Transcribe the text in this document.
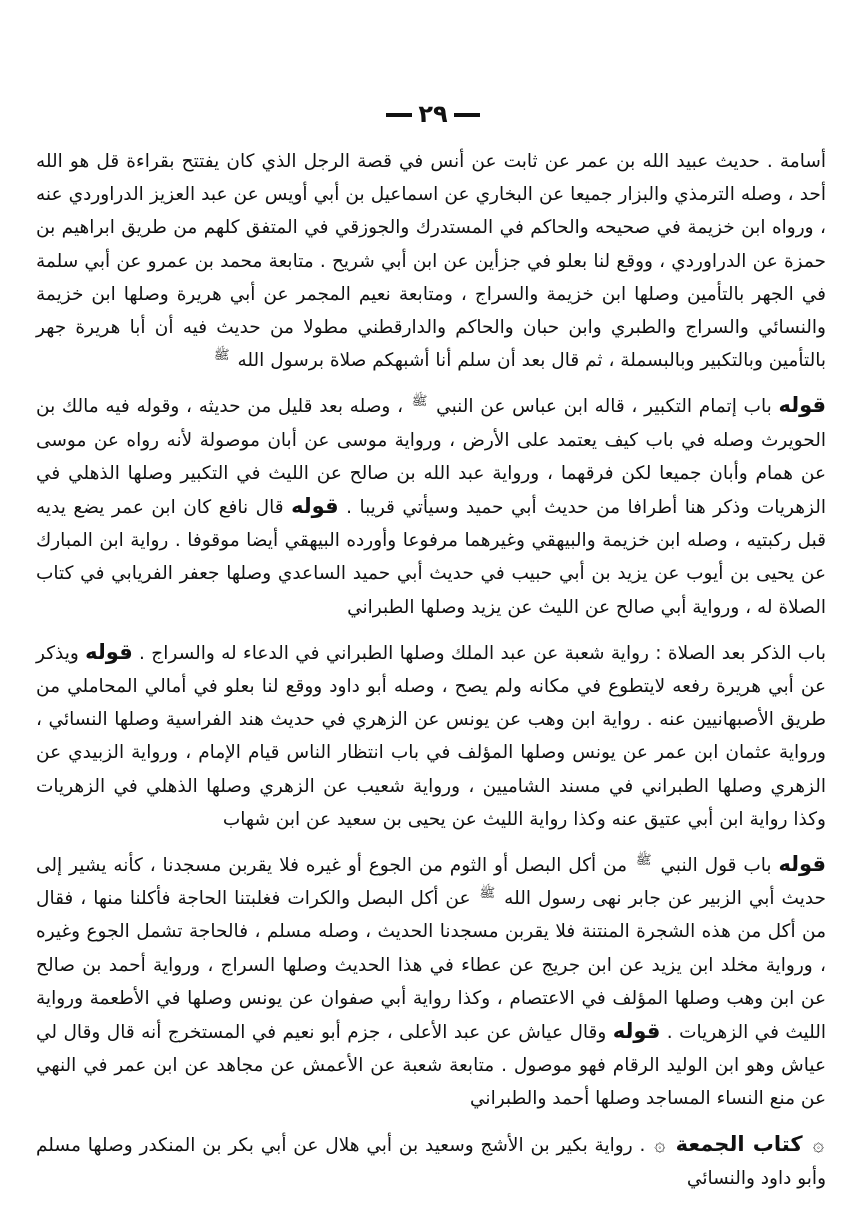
٢٩

أسامة . حديث عبيد الله بن عمر عن ثابت عن أنس في قصة الرجل الذي كان يفتتح بقراءة قل هو الله أحد ، وصله الترمذي والبزار جميعا عن البخاري عن اسماعيل بن أبي أويس عن عبد العزيز الدراوردي عنه ، ورواه ابن خزيمة في صحيحه والحاكم في المستدرك والجوزقي في المتفق كلهم من طريق ابراهيم بن حمزة عن الدراوردي ، ووقع لنا بعلو في جزأين عن ابن أبي شريح . متابعة محمد بن عمرو عن أبي سلمة في الجهر بالتأمين وصلها ابن خزيمة والسراج ، ومتابعة نعيم المجمر عن أبي هريرة وصلها ابن خزيمة والنسائي والسراج والطبري وابن حبان والحاكم والدارقطني مطولا من حديث فيه أن أبا هريرة جهر بالتأمين وبالتكبير وبالبسملة ، ثم قال بعد أن سلم أنا أشبهكم صلاة برسول الله ﷺ

قوله باب إتمام التكبير ، قاله ابن عباس عن النبي ﷺ ، وصله بعد قليل من حديثه ، وقوله فيه مالك بن الحويرث وصله في باب كيف يعتمد على الأرض ، ورواية موسى عن أبان موصولة لأنه رواه عن موسى عن همام وأبان جميعا لكن فرقهما ، ورواية عبد الله بن صالح عن الليث في التكبير وصلها الذهلي في الزهريات وذكر هنا أطرافا من حديث أبي حميد وسيأتي قريبا . قوله قال نافع كان ابن عمر يضع يديه قبل ركبتيه ، وصله ابن خزيمة والبيهقي وغيرهما مرفوعا وأورده البيهقي أيضا موقوفا . رواية ابن المبارك عن يحيى بن أيوب عن يزيد بن أبي حبيب في حديث أبي حميد الساعدي وصلها جعفر الفريابي في كتاب الصلاة له ، ورواية أبي صالح عن الليث عن يزيد وصلها الطبراني

باب الذكر بعد الصلاة : رواية شعبة عن عبد الملك وصلها الطبراني في الدعاء له والسراج . قوله ويذكر عن أبي هريرة رفعه لايتطوع في مكانه ولم يصح ، وصله أبو داود ووقع لنا بعلو في أمالي المحاملي من طريق الأصبهانيين عنه . رواية ابن وهب عن يونس عن الزهري في حديث هند الفراسية وصلها النسائي ، ورواية عثمان ابن عمر عن يونس وصلها المؤلف في باب انتظار الناس قيام الإمام ، ورواية الزبيدي عن الزهري وصلها الطبراني في مسند الشاميين ، ورواية شعيب عن الزهري وصلها الذهلي في الزهريات وكذا رواية ابن أبي عتيق عنه وكذا رواية الليث عن يحيى بن سعيد عن ابن شهاب

قوله باب قول النبي ﷺ من أكل البصل أو الثوم من الجوع أو غيره فلا يقربن مسجدنا ، كأنه يشير إلى حديث أبي الزبير عن جابر نهى رسول الله ﷺ عن أكل البصل والكرات فغلبتنا الحاجة فأكلنا منها ، فقال من أكل من هذه الشجرة المنتنة فلا يقربن مسجدنا الحديث ، وصله مسلم ، فالحاجة تشمل الجوع وغيره ، ورواية مخلد ابن يزيد عن ابن جريج عن عطاء في هذا الحديث وصلها السراج ، ورواية أحمد بن صالح عن ابن وهب وصلها المؤلف في الاعتصام ، وكذا رواية أبي صفوان عن يونس وصلها في الأطعمة ورواية الليث في الزهريات . قوله وقال عياش عن عبد الأعلى ، جزم أبو نعيم في المستخرج أنه قال وقال لي عياش وهو ابن الوليد الرقام فهو موصول . متابعة شعبة عن الأعمش عن مجاهد عن ابن عمر في النهي عن منع النساء المساجد وصلها أحمد والطبراني

۞ كتاب الجمعة ۞ . رواية بكير بن الأشج وسعيد بن أبي هلال عن أبي بكر بن المنكدر وصلها مسلم وأبو داود والنسائي
